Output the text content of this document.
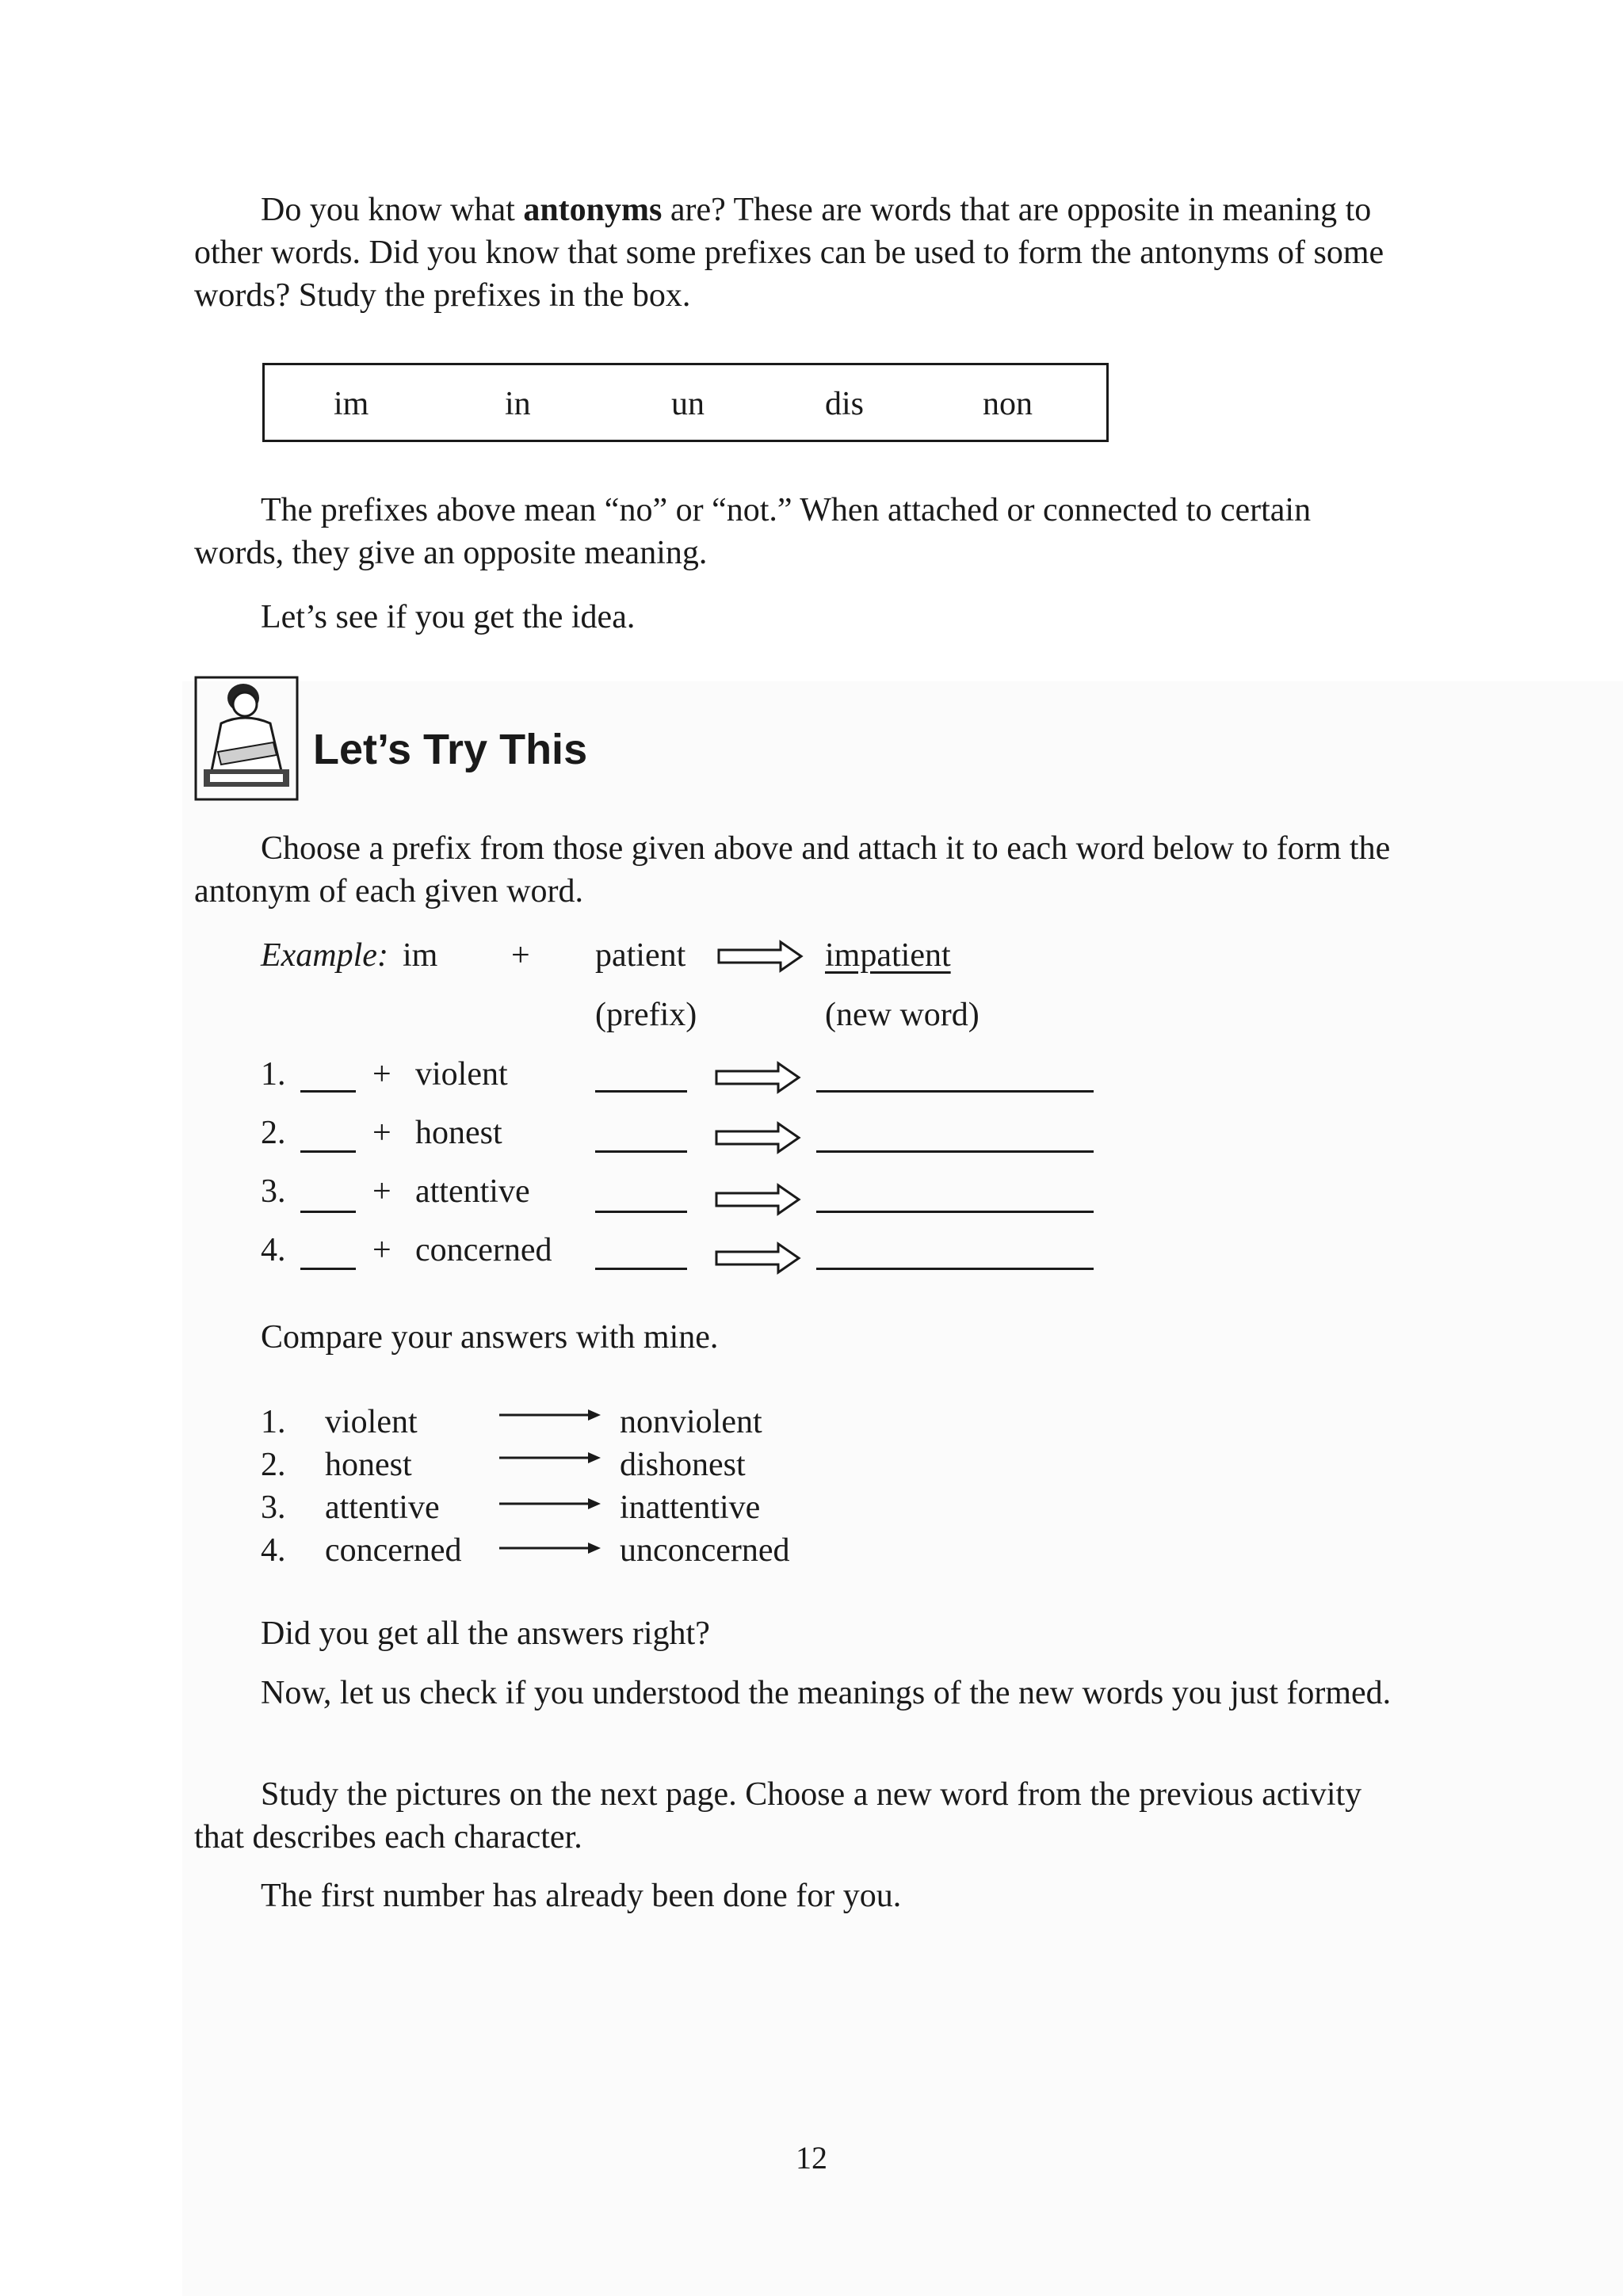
Do you know what antonyms are? These are words that are opposite in meaning to other words. Did you know that some prefixes can be used to form the antonyms of some words? Study the prefixes in the box.

im	in	un	dis	non

The prefixes above mean “no” or “not.” When attached or connected to certain words, they give an opposite meaning.

Let’s see if you get the idea.

Let’s Try This

Choose a prefix from those given above and attach it to each word below to form the antonym of each given word.

Example: im + patient	impatient
(prefix)	(new word)
1.	+ violent
2.	+ honest
3.	+ attentive
4.	+ concerned

Compare your answers with mine.

1. violent	nonviolent
2. honest	dishonest
3. attentive	inattentive
4. concerned	unconcerned

Did you get all the answers right?

Now, let us check if you understood the meanings of the new words you just formed.

Study the pictures on the next page. Choose a new word from the previous activity that describes each character.

The first number has already been done for you.

12
